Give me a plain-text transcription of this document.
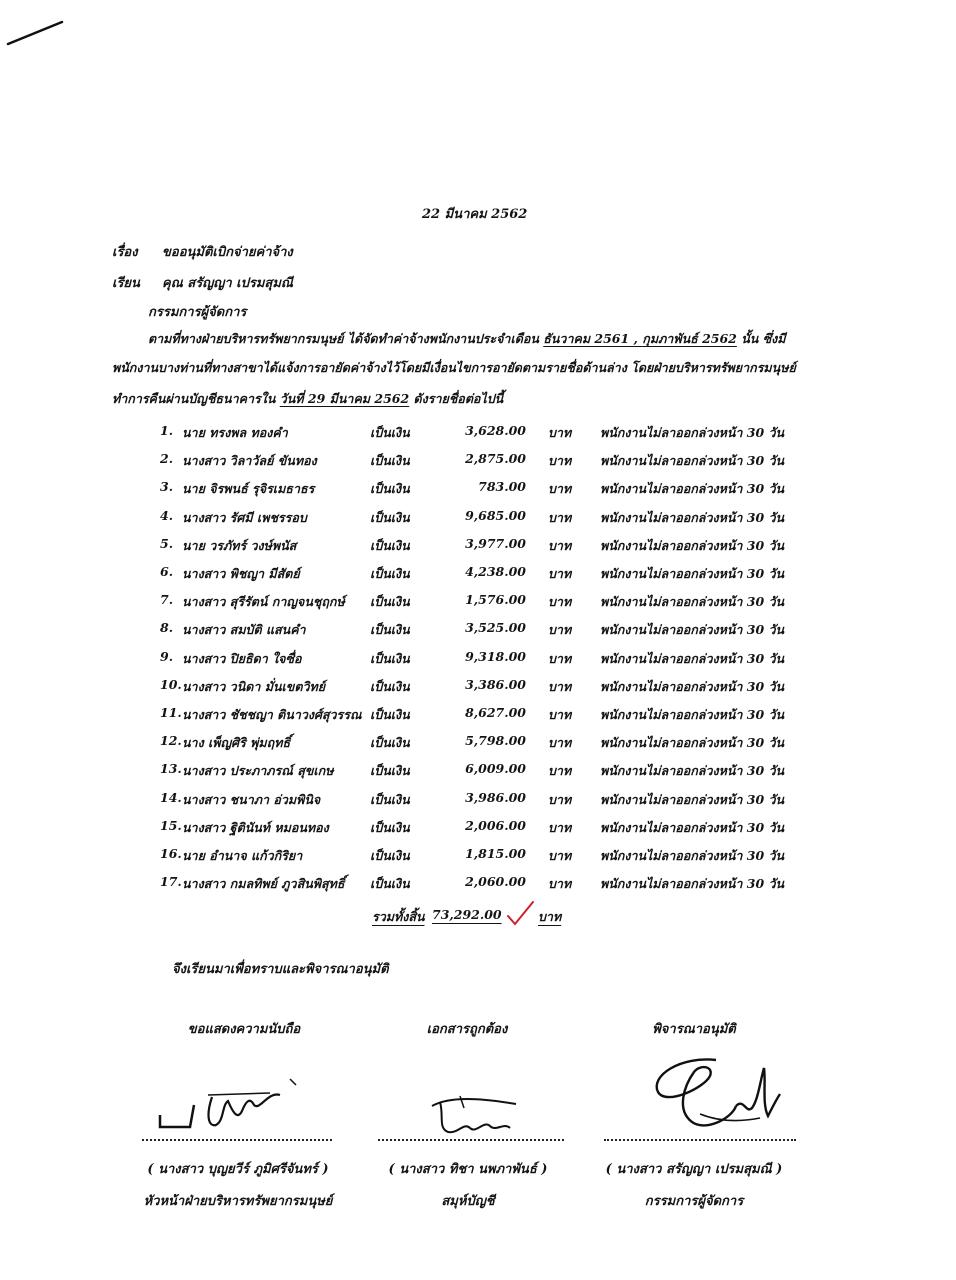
22 มีนาคม 2562
เรื่อง ขออนุมัติเบิกจ่ายค่าจ้าง
เรียน คุณ สรัญญา เปรมสุมณี
กรรมการผู้จัดการ
ตามที่ทางฝ่ายบริหารทรัพยากรมนุษย์ ได้จัดทำค่าจ้างพนักงานประจำเดือน ธันวาคม 2561 , กุมภาพันธ์ 2562 นั้น ซึ่งมี
พนักงานบางท่านที่ทางสาขาได้แจ้งการอายัดค่าจ้างไว้โดยมีเงื่อนไขการอายัดตามรายชื่อด้านล่าง โดยฝ่ายบริหารทรัพยากรมนุษย์
ทำการคืนผ่านบัญชีธนาคารใน วันที่ 29 มีนาคม 2562 ดังรายชื่อต่อไปนี้
1. นาย ทรงพล ทองคำ	เป็นเงิน	3,628.00 บาท พนักงานไม่ลาออกล่วงหน้า 30 วัน
2. นางสาว วิลาวัลย์ ขันทอง	เป็นเงิน	2,875.00 บาท พนักงานไม่ลาออกล่วงหน้า 30 วัน
3. นาย จิรพนธ์ รุจิรเมธาธร	เป็นเงิน	783.00 บาท พนักงานไม่ลาออกล่วงหน้า 30 วัน
4. นางสาว รัศมี เพชรรอบ	เป็นเงิน	9,685.00 บาท พนักงานไม่ลาออกล่วงหน้า 30 วัน
5. นาย วรภัทร์ วงษ์พนัส	เป็นเงิน	3,977.00 บาท พนักงานไม่ลาออกล่วงหน้า 30 วัน
6. นางสาว พิชญา มีสัตย์	เป็นเงิน	4,238.00 บาท พนักงานไม่ลาออกล่วงหน้า 30 วัน
7. นางสาว สุรีรัตน์ กาญจนชุฤกษ์ เป็นเงิน	1,576.00 บาท พนักงานไม่ลาออกล่วงหน้า 30 วัน
8. นางสาว สมบัติ แสนคำ	เป็นเงิน	3,525.00 บาท พนักงานไม่ลาออกล่วงหน้า 30 วัน
9. นางสาว ปิยธิดา ใจซื่อ	เป็นเงิน	9,318.00 บาท พนักงานไม่ลาออกล่วงหน้า 30 วัน
10. นางสาว วนิดา มั่นเขตวิทย์	เป็นเงิน	3,386.00 บาท พนักงานไม่ลาออกล่วงหน้า 30 วัน
11. นางสาว ชัชชญา ตินาวงศ์สุวรรณ เป็นเงิน	8,627.00 บาท พนักงานไม่ลาออกล่วงหน้า 30 วัน
12. นาง เพ็ญศิริ พุ่มฤทธิ์	เป็นเงิน	5,798.00 บาท พนักงานไม่ลาออกล่วงหน้า 30 วัน
13. นางสาว ประภาภรณ์ สุขเกษ	เป็นเงิน	6,009.00 บาท พนักงานไม่ลาออกล่วงหน้า 30 วัน
14. นางสาว ชนาภา อ่วมพินิจ	เป็นเงิน	3,986.00 บาท พนักงานไม่ลาออกล่วงหน้า 30 วัน
15. นางสาว ฐิตินันท์ หมอนทอง	เป็นเงิน	2,006.00 บาท พนักงานไม่ลาออกล่วงหน้า 30 วัน
16. นาย อำนาจ แก้วกิริยา	เป็นเงิน	1,815.00 บาท พนักงานไม่ลาออกล่วงหน้า 30 วัน
17. นางสาว กมลทิพย์ ภูวสินพิสุทธิ์ เป็นเงิน	2,060.00 บาท พนักงานไม่ลาออกล่วงหน้า 30 วัน
รวมทั้งสิ้น 73,292.00	บาท
จึงเรียนมาเพื่อทราบและพิจารณาอนุมัติ
ขอแสดงความนับถือ
( นางสาว บุญยวีร์ ภูมิศรีจันทร์ )
หัวหน้าฝ่ายบริหารทรัพยากรมนุษย์
เอกสารถูกต้อง
( นางสาว ทิชา นพภาพันธ์ )
สมุห์บัญชี
พิจารณาอนุมัติ
( นางสาว สรัญญา เปรมสุมณี )
กรรมการผู้จัดการ
